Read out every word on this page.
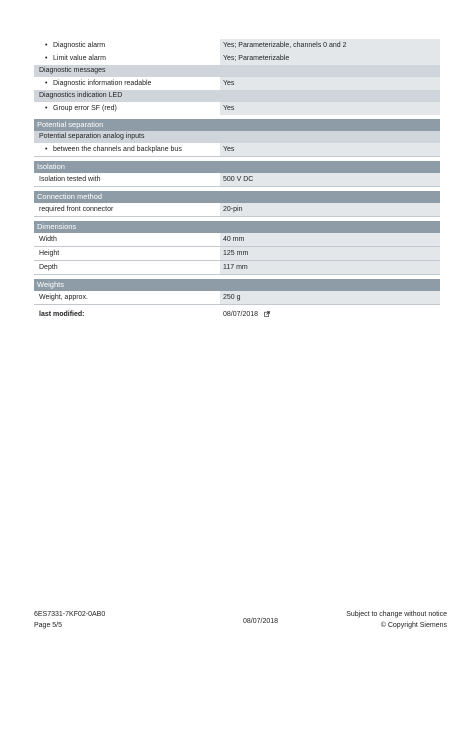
• Diagnostic alarm	Yes; Parameterizable, channels 0 and 2
• Limit value alarm	Yes; Parameterizable
Diagnostic messages
• Diagnostic information readable	Yes
Diagnostics indication LED
• Group error SF (red)	Yes
Potential separation
Potential separation analog inputs
• between the channels and backplane bus	Yes
Isolation
Isolation tested with	500 V DC
Connection method
required front connector	20-pin
Dimensions
Width	40 mm
Height	125 mm
Depth	117 mm
Weights
Weight, approx.	250 g
last modified:	08/07/2018
6ES7331-7KF02-0AB0
Page 5/5
08/07/2018
Subject to change without notice
© Copyright Siemens
